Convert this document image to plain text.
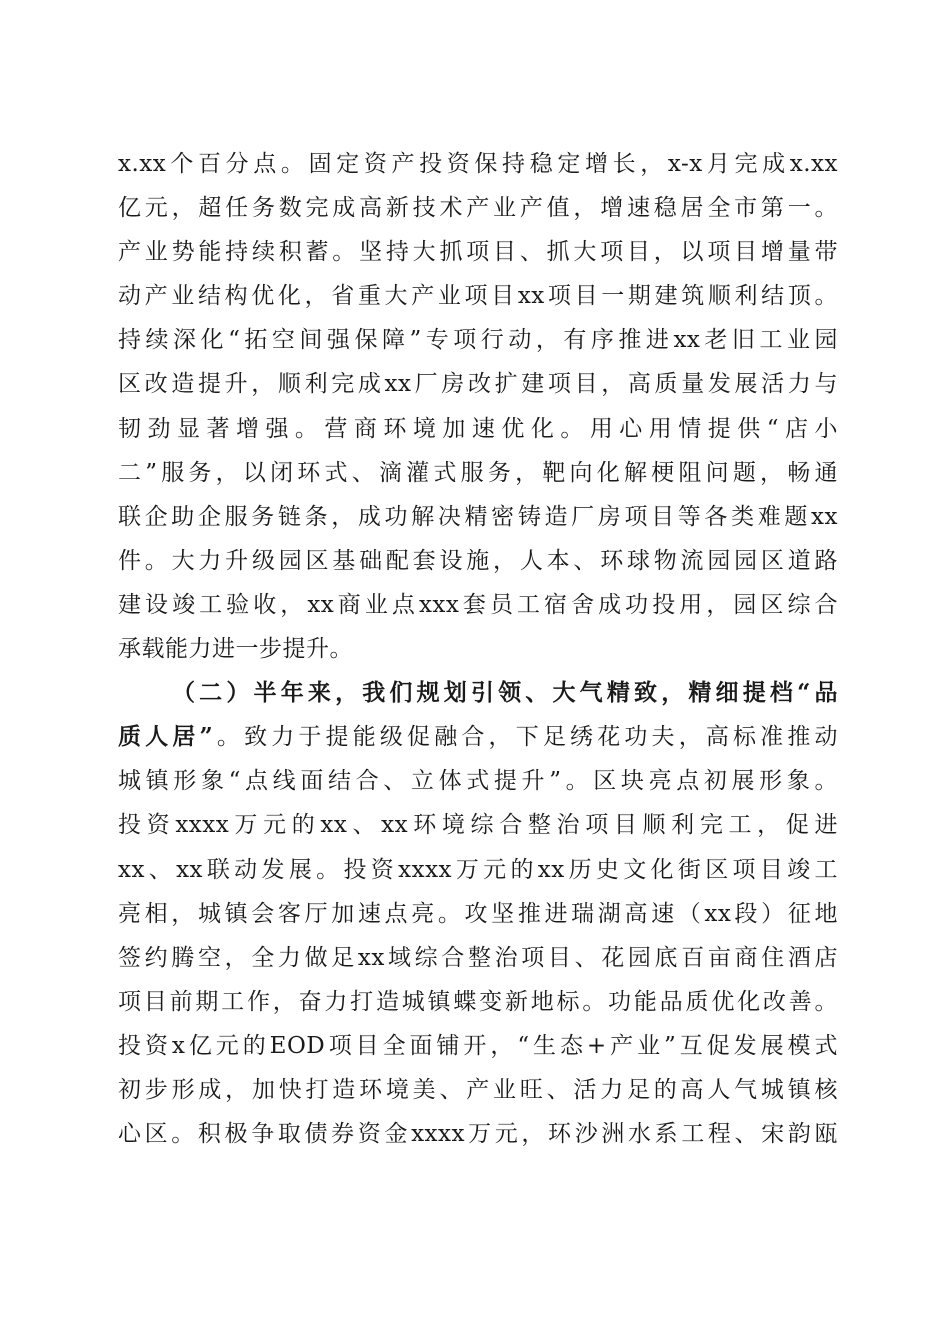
x.xx个百分点。固定资产投资保持稳定增长，x-x月完成x.xx
亿元，超任务数完成高新技术产业产值，增速稳居全市第一。
产业势能持续积蓄。坚持大抓项目、抓大项目，以项目增量带
动产业结构优化，省重大产业项目xx项目一期建筑顺利结顶。
持续深化“拓空间强保障”专项行动，有序推进xx老旧工业园
区改造提升，顺利完成xx厂房改扩建项目，高质量发展活力与
韧劲显著增强。营商环境加速优化。用心用情提供“店小
二”服务，以闭环式、滴灌式服务，靶向化解梗阻问题，畅通
联企助企服务链条，成功解决精密铸造厂房项目等各类难题xx
件。大力升级园区基础配套设施，人本、环球物流园园区道路
建设竣工验收，xx商业点xxx套员工宿舍成功投用，园区综合
承载能力进一步提升。
（二）半年来，我们规划引领、大气精致，精细提档“品
质人居”。致力于提能级促融合，下足绣花功夫，高标准推动
城镇形象“点线面结合、立体式提升”。区块亮点初展形象。
投资xxxx万元的xx、xx环境综合整治项目顺利完工，促进
xx、xx联动发展。投资xxxx万元的xx历史文化街区项目竣工
亮相，城镇会客厅加速点亮。攻坚推进瑞湖高速（xx段）征地
签约腾空，全力做足xx域综合整治项目、花园底百亩商住酒店
项目前期工作，奋力打造城镇蝶变新地标。功能品质优化改善。
投资x亿元的EOD项目全面铺开，“生态+产业”互促发展模式
初步形成，加快打造环境美、产业旺、活力足的高人气城镇核
心区。积极争取债券资金xxxx万元，环沙洲水系工程、宋韵瓯
